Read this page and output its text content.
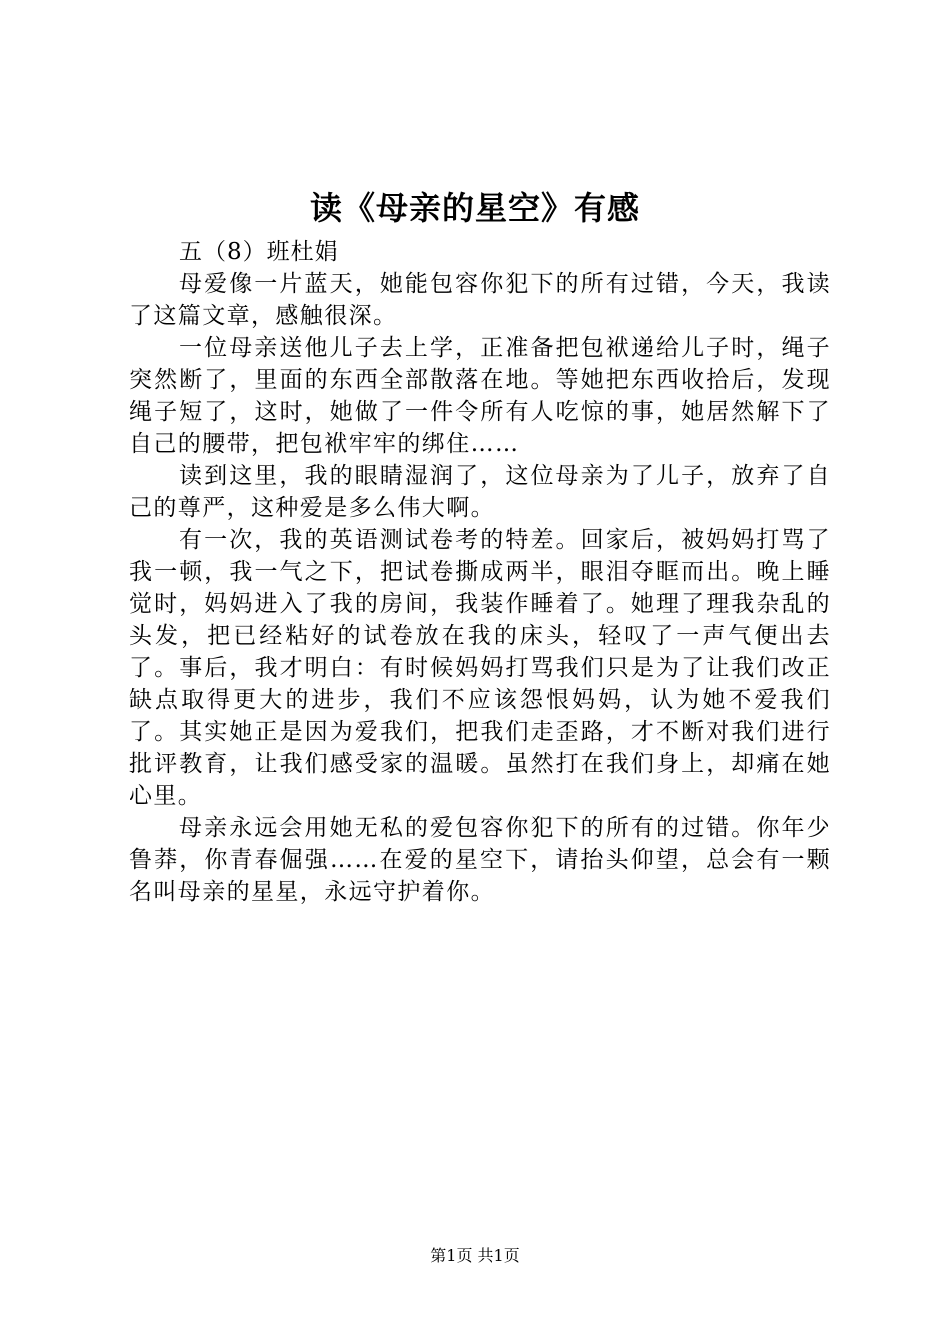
读《母亲的星空》有感

五（8）班杜娟

母爱像一片蓝天，她能包容你犯下的所有过错，今天，我读了这篇文章，感触很深。

一位母亲送他儿子去上学，正准备把包袱递给儿子时，绳子突然断了，里面的东西全部散落在地。等她把东西收拾后，发现绳子短了，这时，她做了一件令所有人吃惊的事，她居然解下了自己的腰带，把包袱牢牢的绑住……

读到这里，我的眼睛湿润了，这位母亲为了儿子，放弃了自己的尊严，这种爱是多么伟大啊。

有一次，我的英语测试卷考的特差。回家后，被妈妈打骂了我一顿，我一气之下，把试卷撕成两半，眼泪夺眶而出。晚上睡觉时，妈妈进入了我的房间，我装作睡着了。她理了理我杂乱的头发，把已经粘好的试卷放在我的床头，轻叹了一声气便出去了。事后，我才明白：有时候妈妈打骂我们只是为了让我们改正缺点取得更大的进步，我们不应该怨恨妈妈，认为她不爱我们了。其实她正是因为爱我们，把我们走歪路，才不断对我们进行批评教育，让我们感受家的温暖。虽然打在我们身上，却痛在她心里。

母亲永远会用她无私的爱包容你犯下的所有的过错。你年少鲁莽，你青春倔强……在爱的星空下，请抬头仰望，总会有一颗名叫母亲的星星，永远守护着你。

第1页 共1页
